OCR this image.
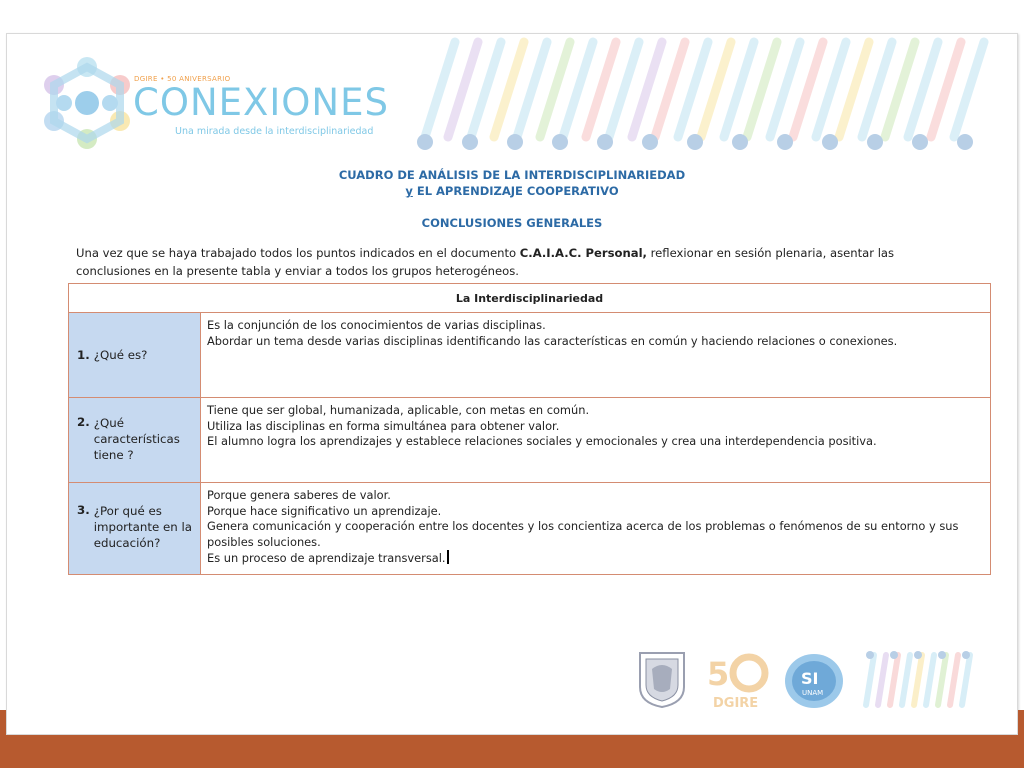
DGIRE • 50 ANIVERSARIO
CONEXIONES
Una mirada desde la interdisciplinariedad
CUADRO DE ANÁLISIS DE LA INTERDISCIPLINARIEDAD
y EL APRENDIZAJE COOPERATIVO
CONCLUSIONES GENERALES
Una vez que se haya trabajado todos los puntos indicados en el documento C.A.I.A.C. Personal, reflexionar en sesión plenaria, asentar las conclusiones en la presente tabla y enviar a todos los grupos heterogéneos.
La Interdisciplinariedad
1. ¿Qué es?
Es la conjunción de los conocimientos de varias disciplinas.
Abordar un tema desde varias disciplinas identificando las características en común y haciendo relaciones o conexiones.
2. ¿Qué
características
tiene ?
Tiene que ser global, humanizada, aplicable, con metas en común.
Utiliza las disciplinas en forma simultánea para obtener valor.
El alumno logra los aprendizajes y establece relaciones sociales y emocionales y crea una interdependencia positiva.
3. ¿Por qué es
importante en la
educación?
Porque genera saberes de valor.
Porque hace significativo un aprendizaje.
Genera comunicación y cooperación entre los docentes y los concientiza acerca de los problemas o fenómenos de su entorno y sus posibles soluciones.
Es un proceso de aprendizaje transversal.
5
DGIRE
SI
UNAM
